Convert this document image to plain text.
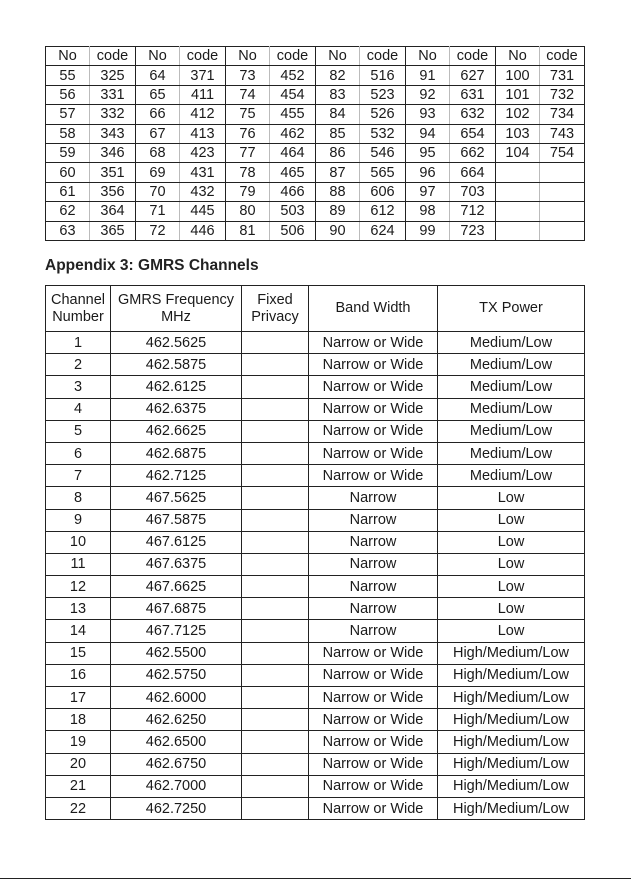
No	code	No	code	No	code	No	code	No	code	No	code
55	325	64	371	73	452	82	516	91	627	100	731
56	331	65	411	74	454	83	523	92	631	101	732
57	332	66	412	75	455	84	526	93	632	102	734
58	343	67	413	76	462	85	532	94	654	103	743
59	346	68	423	77	464	86	546	95	662	104	754
60	351	69	431	78	465	87	565	96	664		
61	356	70	432	79	466	88	606	97	703		
62	364	71	445	80	503	89	612	98	712		
63	365	72	446	81	506	90	624	99	723		
Appendix 3: GMRS Channels
Channel Number	GMRS Frequency MHz	Fixed Privacy	Band Width	TX Power
1	462.5625		Narrow or Wide	Medium/Low
2	462.5875		Narrow or Wide	Medium/Low
3	462.6125		Narrow or Wide	Medium/Low
4	462.6375		Narrow or Wide	Medium/Low
5	462.6625		Narrow or Wide	Medium/Low
6	462.6875		Narrow or Wide	Medium/Low
7	462.7125		Narrow or Wide	Medium/Low
8	467.5625		Narrow	Low
9	467.5875		Narrow	Low
10	467.6125		Narrow	Low
11	467.6375		Narrow	Low
12	467.6625		Narrow	Low
13	467.6875		Narrow	Low
14	467.7125		Narrow	Low
15	462.5500		Narrow or Wide	High/Medium/Low
16	462.5750		Narrow or Wide	High/Medium/Low
17	462.6000		Narrow or Wide	High/Medium/Low
18	462.6250		Narrow or Wide	High/Medium/Low
19	462.6500		Narrow or Wide	High/Medium/Low
20	462.6750		Narrow or Wide	High/Medium/Low
21	462.7000		Narrow or Wide	High/Medium/Low
22	462.7250		Narrow or Wide	High/Medium/Low
